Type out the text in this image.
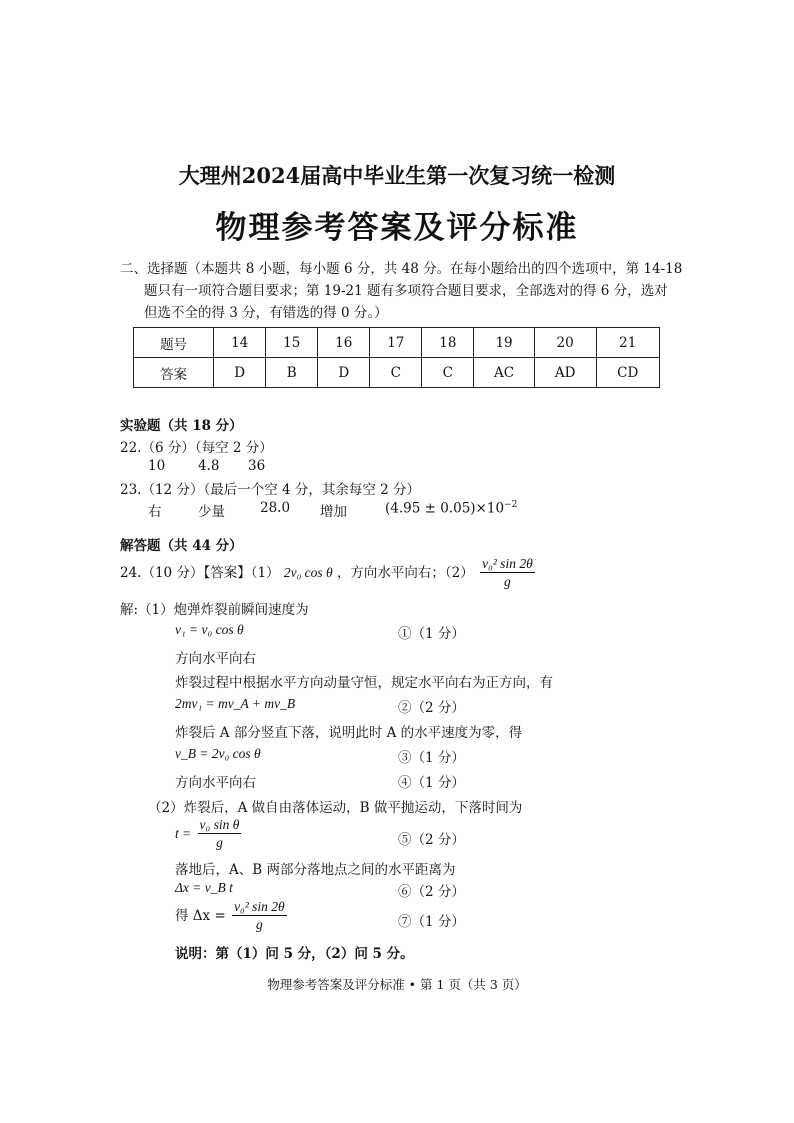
大理州2024届高中毕业生第一次复习统一检测
物理参考答案及评分标准
二、选择题（本题共 8 小题，每小题 6 分，共 48 分。在每小题给出的四个选项中，第 14-18
题只有一项符合题目要求；第 19-21 题有多项符合题目要求，全部选对的得 6 分，选对
但选不全的得 3 分，有错选的得 0 分。）
题号	14	15	16	17	18	19	20	21
答案	D	B	D	C	C	AC	AD	CD
实验题（共 18 分）
22.（6 分）（每空 2 分）
10 4.8 36
23.（12 分）（最后一个空 4 分，其余每空 2 分）
右	少量	28.0 增加	$(4.95 \pm 0.05)\times 10^{-2}$
解答题（共 44 分）
24.（10 分）【答案】（1） 2v₀ cos θ ，方向水平向右；$(2) \frac{\text{v₀² sin 2θ}}{g}$
解:（1）炮弹炸裂前瞬间速度为
v₁ = v₀ cos θ	①（1 分）
方向水平向右
炸裂过程中根据水平方向动量守恒，规定水平向右为正方向，有
2mv₁ = mv_A + mv_B	②（2 分）
炸裂后 A 部分竖直下落，说明此时 A 的水平速度为零，得
v_B = 2v₀ cos θ	③（1 分）
方向水平向右	④（1 分）
（2）炸裂后，A 做自由落体运动，B 做平抛运动，下落时间为
$t = \frac{\text{v₀ sin θ}}{g}$	⑤（2 分）
落地后，A、B 两部分落地点之间的水平距离为
Δx = v_B t	⑥（2 分）
得 $\Delta x = \frac{\text{v₀² sin 2θ}}{g}$	⑦（1 分）
说明：第（1）问 5 分，（2）问 5 分。
物理参考答案及评分标准 • 第 1 页（共 3 页）
